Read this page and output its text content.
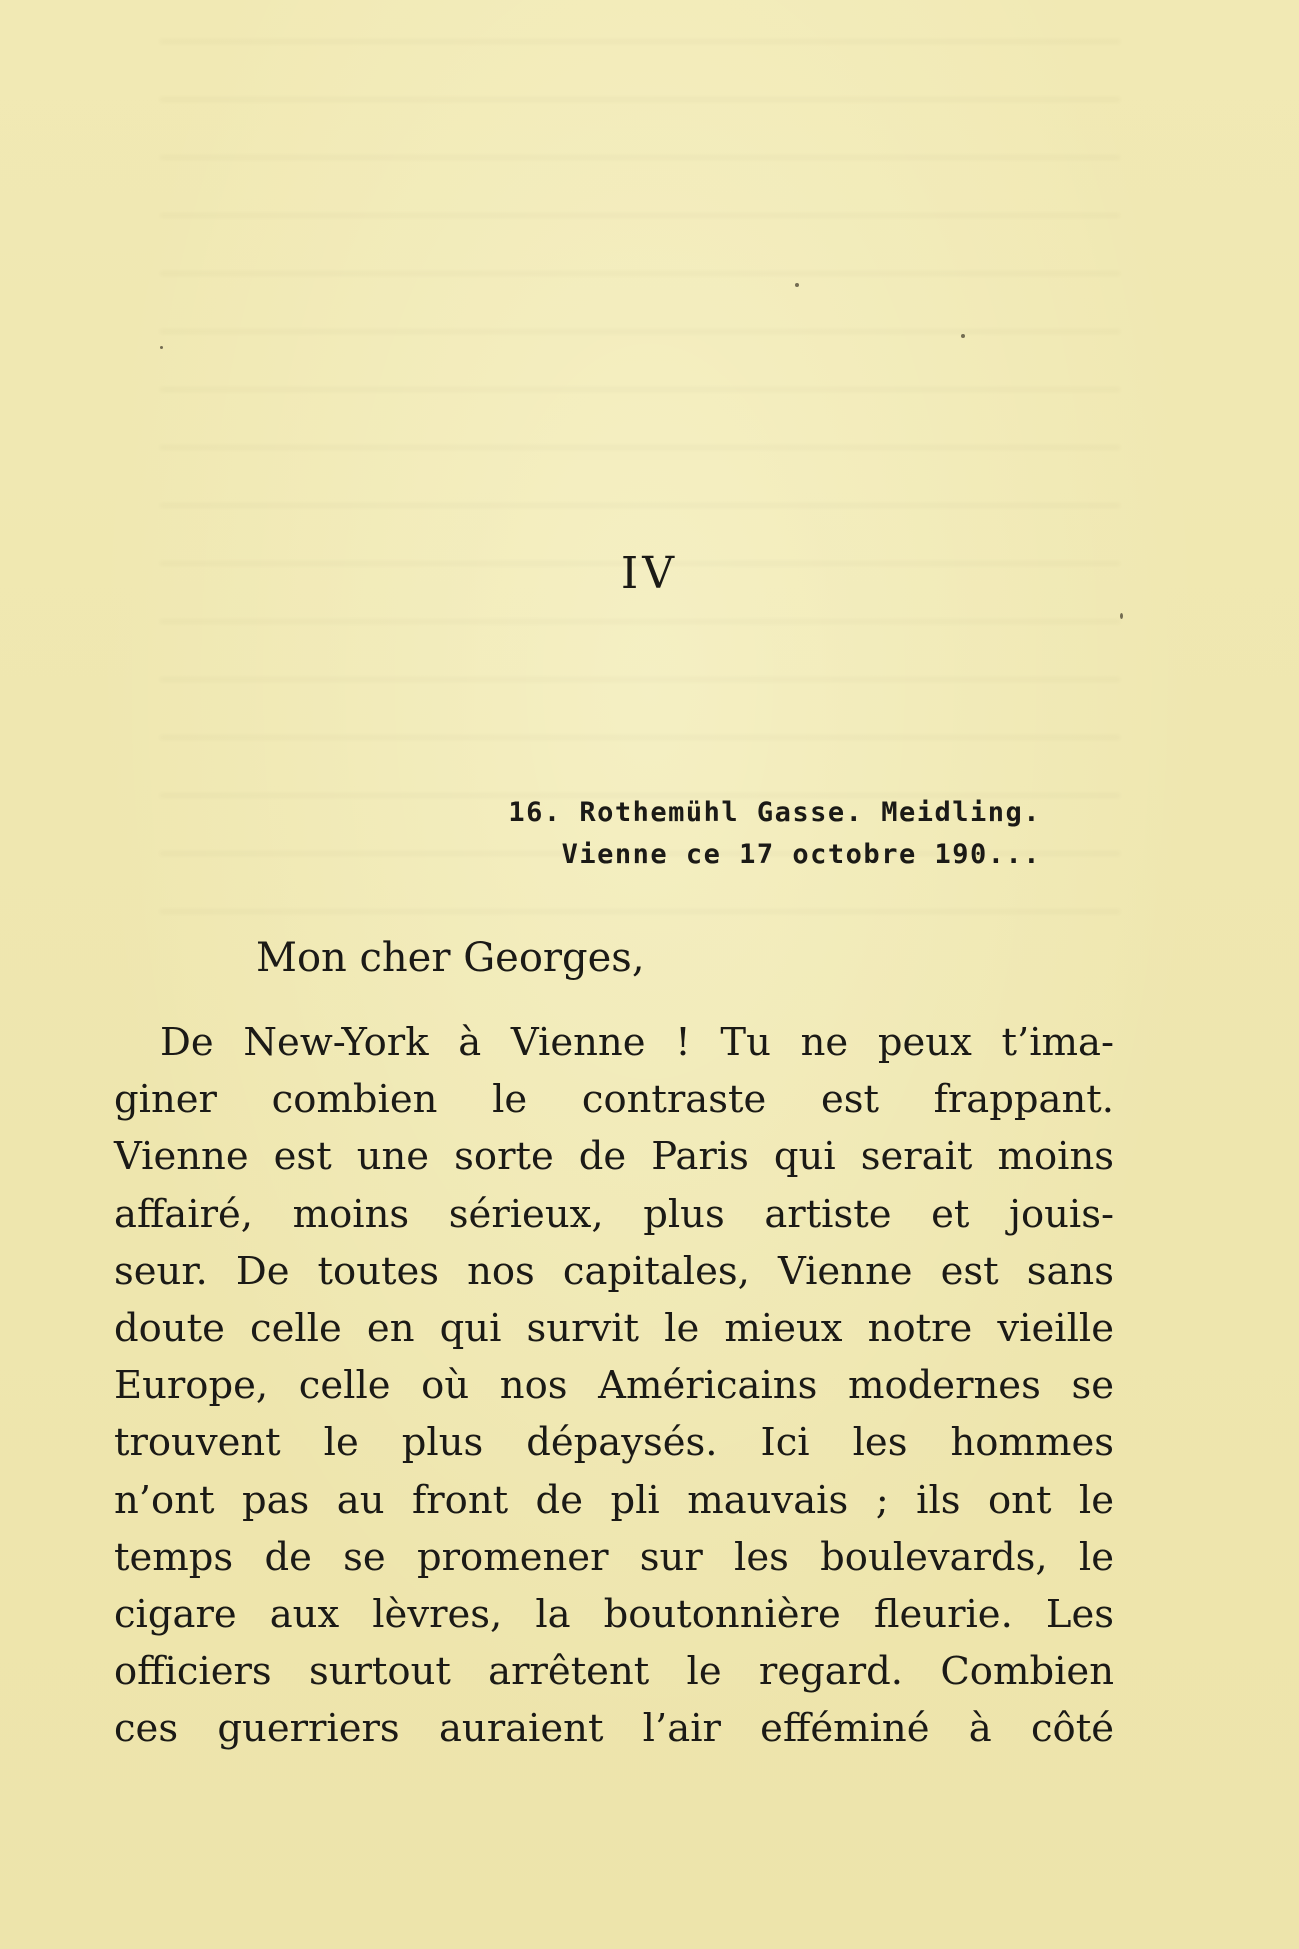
IV
16. Rothemühl Gasse. Meidling.
Vienne ce 17 octobre 190...
Mon cher Georges,
De New-York à Vienne ! Tu ne peux t’ima-
giner combien le contraste est frappant.
Vienne est une sorte de Paris qui serait moins
affairé, moins sérieux, plus artiste et jouis-
seur. De toutes nos capitales, Vienne est sans
doute celle en qui survit le mieux notre vieille
Europe, celle où nos Américains modernes se
trouvent le plus dépaysés. Ici les hommes
n’ont pas au front de pli mauvais ; ils ont le
temps de se promener sur les boulevards, le
cigare aux lèvres, la boutonnière fleurie. Les
officiers surtout arrêtent le regard. Combien
ces guerriers auraient l’air efféminé à côté
